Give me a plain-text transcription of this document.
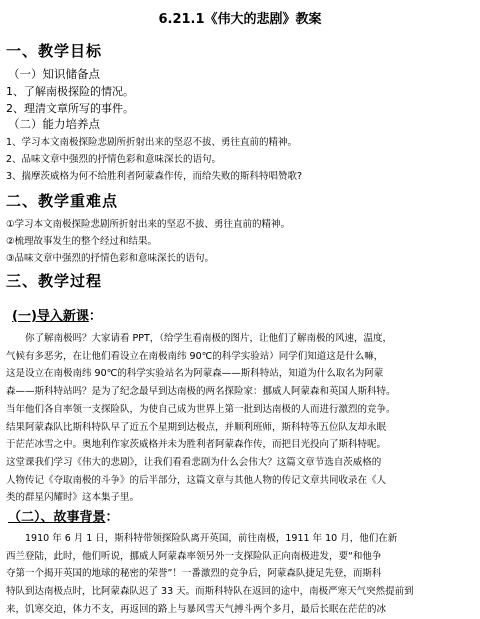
6.21.1《伟大的悲剧》教案
一、教学目标
（一）知识储备点
1、了解南极探险的情况。
2、理清文章所写的事件。
（二）能力培养点
1、学习本文南极探险悲剧所折射出来的坚忍不拔、勇往直前的精神。
2、品味文章中强烈的抒情色彩和意味深长的语句。
3、揣摩茨威格为何不给胜利者阿蒙森作传，而给失败的斯科特唱赞歌?
二、教学重难点
①学习本文南极探险悲剧所折射出来的坚忍不拔、勇往直前的精神。
②梳理故事发生的整个经过和结果。
③品味文章中强烈的抒情色彩和意味深长的语句。
三、教学过程
(一)导入新课：
你了解南极吗？大家请看 PPT，（给学生看南极的图片，让他们了解南极的风速，温度，
气候有多恶劣，在让他们看设立在南极南纬 90℃的科学实验站）同学们知道这是什么嘛，
这是设立在南极南纬 90℃的科学实验站名为阿蒙森——斯科特站，知道为什么取名为阿蒙
森——斯科特站吗？是为了纪念最早到达南极的两名探险家：挪威人阿蒙森和英国人斯科特。
当年他们各自率领一支探险队，为使自己成为世界上第一批到达南极的人而进行激烈的竞争。
结果阿蒙森队比斯科特队早了近五个星期到达极点，并顺利班师，斯科特等五位队友却永眠
于茫茫冰雪之中。奥地利作家茨威格并未为胜利者阿蒙森作传，而把目光投向了斯科特呢。
这堂课我们学习《伟大的悲剧》，让我们看看悲剧为什么会伟大？这篇文章节选自茨威格的
人物传记《夺取南极的斗争》的后半部分，这篇文章与其他人物的传记文章共同收录在《人
类的群星闪耀时》这本集子里。
（二）、故事背景：
1910 年 6 月 1 日，斯科特带领探险队离开英国，前往南极，1911 年 10 月，他们在新
西兰登陆，此时，他们听说，挪威人阿蒙森率领另外一支探险队正向南极进发，要“和他争
夺第一个揭开英国的地球的秘密的荣誉”！一番激烈的竞争后，阿蒙森队捷足先登，而斯科
特队到达南极点时，比阿蒙森队迟了 33 天。而斯科特队在返回的途中，南极严寒天气突然提前到
来，饥寒交迫，体力不支，再返回的路上与暴风雪天气搏斗两个多月，最后长眠在茫茫的冰
